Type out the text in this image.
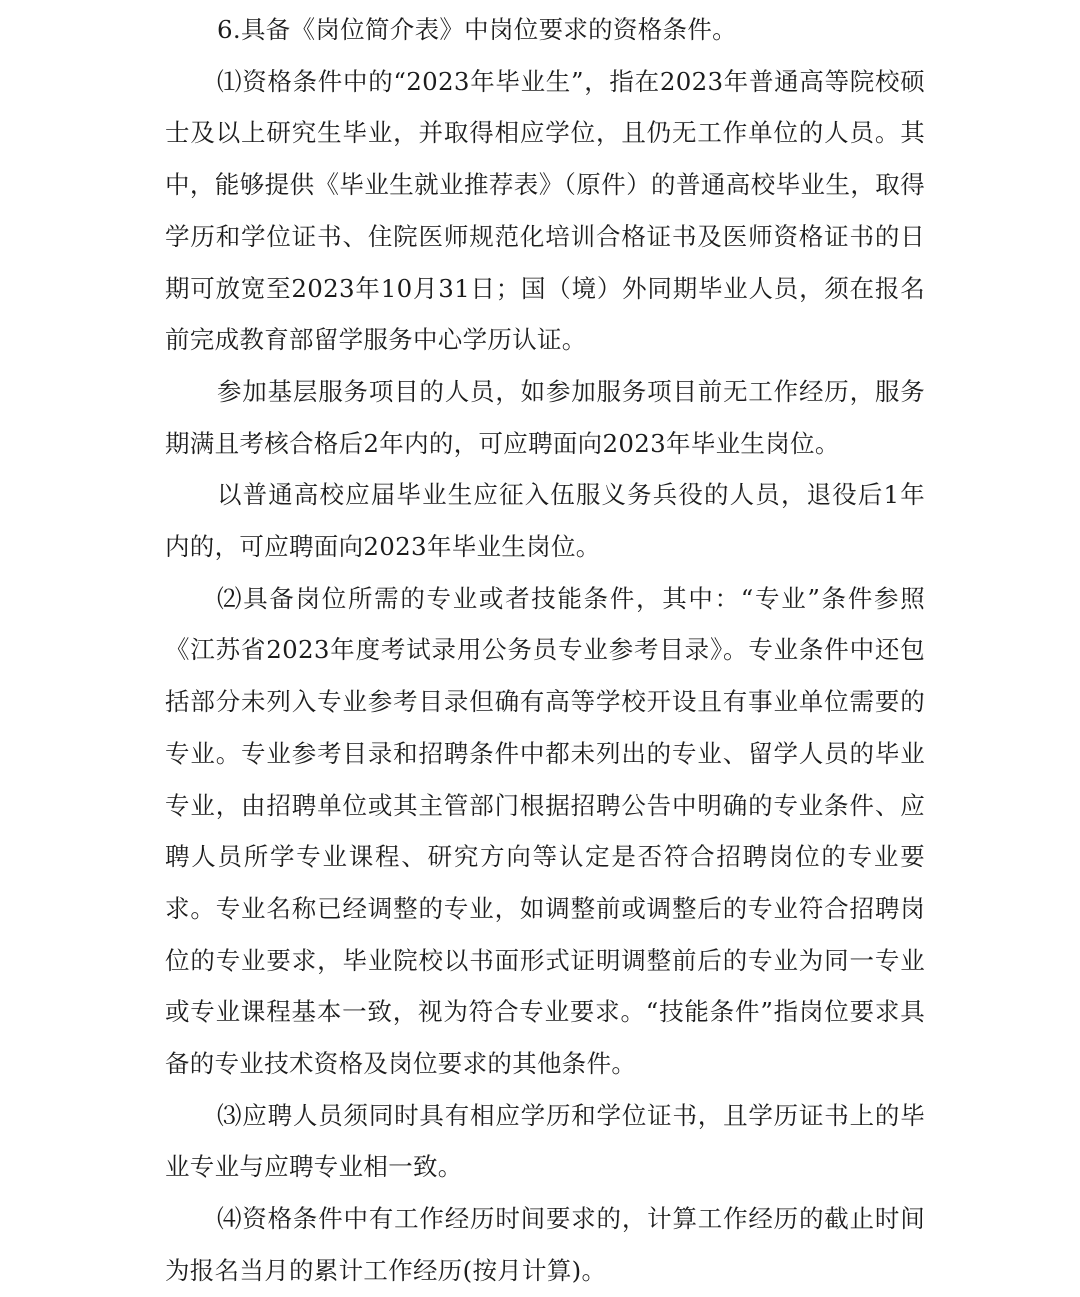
6.具备《岗位简介表》中岗位要求的资格条件。

⑴资格条件中的“2023年毕业生”，指在2023年普通高等院校硕士及以上研究生毕业，并取得相应学位，且仍无工作单位的人员。其中，能够提供《毕业生就业推荐表》（原件）的普通高校毕业生，取得学历和学位证书、住院医师规范化培训合格证书及医师资格证书的日期可放宽至2023年10月31日；国（境）外同期毕业人员，须在报名前完成教育部留学服务中心学历认证。

参加基层服务项目的人员，如参加服务项目前无工作经历，服务期满且考核合格后2年内的，可应聘面向2023年毕业生岗位。

以普通高校应届毕业生应征入伍服义务兵役的人员，退役后1年内的，可应聘面向2023年毕业生岗位。

⑵具备岗位所需的专业或者技能条件，其中：“专业”条件参照《江苏省2023年度考试录用公务员专业参考目录》。专业条件中还包括部分未列入专业参考目录但确有高等学校开设且有事业单位需要的专业。专业参考目录和招聘条件中都未列出的专业、留学人员的毕业专业，由招聘单位或其主管部门根据招聘公告中明确的专业条件、应聘人员所学专业课程、研究方向等认定是否符合招聘岗位的专业要求。专业名称已经调整的专业，如调整前或调整后的专业符合招聘岗位的专业要求，毕业院校以书面形式证明调整前后的专业为同一专业或专业课程基本一致，视为符合专业要求。“技能条件”指岗位要求具备的专业技术资格及岗位要求的其他条件。

⑶应聘人员须同时具有相应学历和学位证书，且学历证书上的毕业专业与应聘专业相一致。

⑷资格条件中有工作经历时间要求的，计算工作经历的截止时间为报名当月的累计工作经历(按月计算)。
